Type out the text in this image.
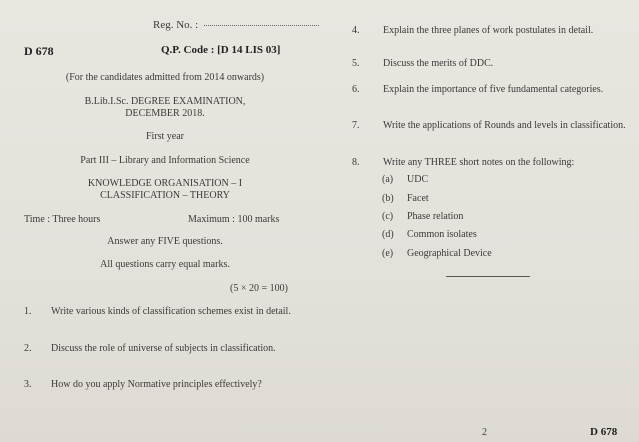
Reg. No. :
D 678	Q.P. Code : [D 14 LIS 03]
(For the candidates admitted from 2014 onwards)
B.Lib.I.Sc. DEGREE EXAMINATION,
DECEMBER 2018.
First year
Part III – Library and Information Science
KNOWLEDGE ORGANISATION – I
CLASSIFICATION – THEORY
Time : Three hours	Maximum : 100 marks
Answer any FIVE questions.
All questions carry equal marks.
(5 × 20 = 100)
1. Write various kinds of classification schemes exist in detail.
2. Discuss the role of universe of subjects in classification.
3. How do you apply Normative principles effectively?
4. Explain the three planes of work postulates in detail.
5. Discuss the merits of DDC.
6. Explain the importance of five fundamental categories.
7. Write the applications of Rounds and levels in classification.
8. Write any THREE short notes on the following:
(a) UDC
(b) Facet
(c) Phase relation
(d) Common isolates
(e) Geographical Device
2	D 678
